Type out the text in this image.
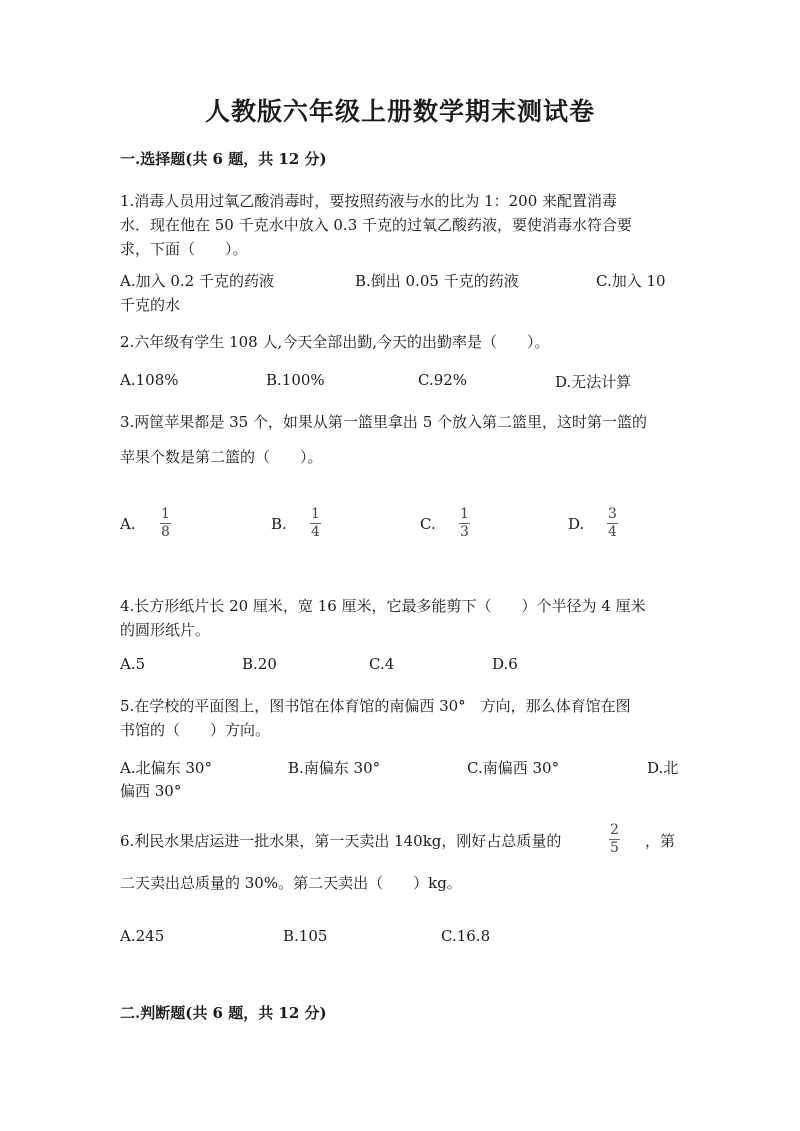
人教版六年级上册数学期末测试卷
一.选择题(共 6 题，共 12 分)
1.消毒人员用过氧乙酸消毒时，要按照药液与水的比为 1：200 来配置消毒
水．现在他在 50 千克水中放入 0.3 千克的过氧乙酸药液，要使消毒水符合要
求，下面（　　）。
A.加入 0.2 千克的药液	B.倒出 0.05 千克的药液	C.加入 10
千克的水
2.六年级有学生 108 人,今天全部出勤,今天的出勤率是（　　）。
A.108%	B.100%	C.92%	D.无法计算
3.两筐苹果都是 35 个，如果从第一篮里拿出 5 个放入第二篮里，这时第一篮的
苹果个数是第二篮的（　　）。
A.
1
8	B.
1
4	C.
1
3	D.
3
4
4.长方形纸片长 20 厘米，宽 16 厘米，它最多能剪下（　　）个半径为 4 厘米
的圆形纸片。
A.5	B.20	C.4	D.6
5.在学校的平面图上，图书馆在体育馆的南偏西 30°　方向，那么体育馆在图
书馆的（　　）方向。
A.北偏东 30°	B.南偏东 30°	C.南偏西 30°	D.北
偏西 30°
6.利民水果店运进一批水果，第一天卖出 140kg，刚好占总质量的
2
5 ，第
二天卖出总质量的 30%。第二天卖出（　　）kg。
A.245	B.105	C.16.8
二.判断题(共 6 题，共 12 分)
